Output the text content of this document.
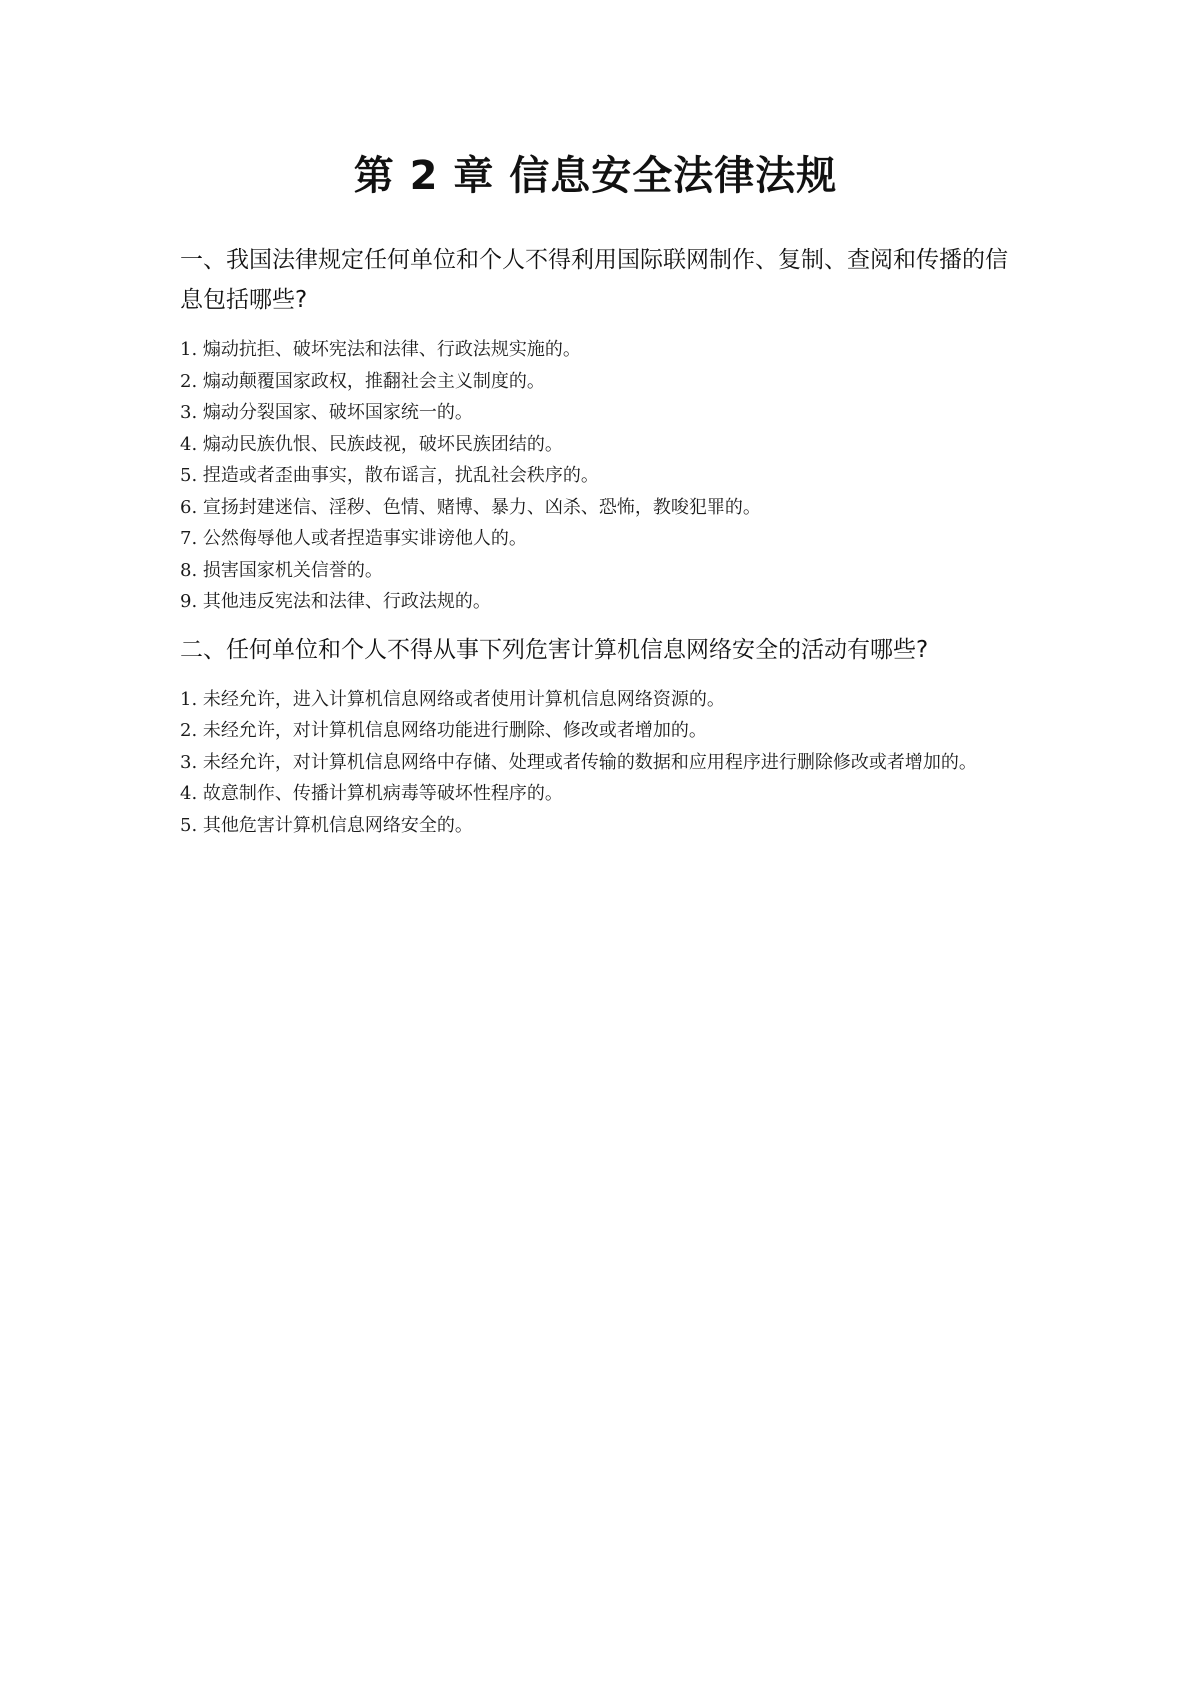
第 2 章 信息安全法律法规
一、我国法律规定任何单位和个人不得利用国际联网制作、复制、查阅和传播的信息包括哪些?
1. 煽动抗拒、破坏宪法和法律、行政法规实施的。
2. 煽动颠覆国家政权，推翻社会主义制度的。
3. 煽动分裂国家、破坏国家统一的。
4. 煽动民族仇恨、民族歧视，破坏民族团结的。
5. 捏造或者歪曲事实，散布谣言，扰乱社会秩序的。
6. 宣扬封建迷信、淫秽、色情、赌博、暴力、凶杀、恐怖，教唆犯罪的。
7. 公然侮辱他人或者捏造事实诽谤他人的。
8. 损害国家机关信誉的。
9. 其他违反宪法和法律、行政法规的。
二、任何单位和个人不得从事下列危害计算机信息网络安全的活动有哪些?
1. 未经允许，进入计算机信息网络或者使用计算机信息网络资源的。
2. 未经允许，对计算机信息网络功能进行删除、修改或者增加的。
3. 未经允许，对计算机信息网络中存储、处理或者传输的数据和应用程序进行删除修改或者增加的。
4. 故意制作、传播计算机病毒等破坏性程序的。
5. 其他危害计算机信息网络安全的。
